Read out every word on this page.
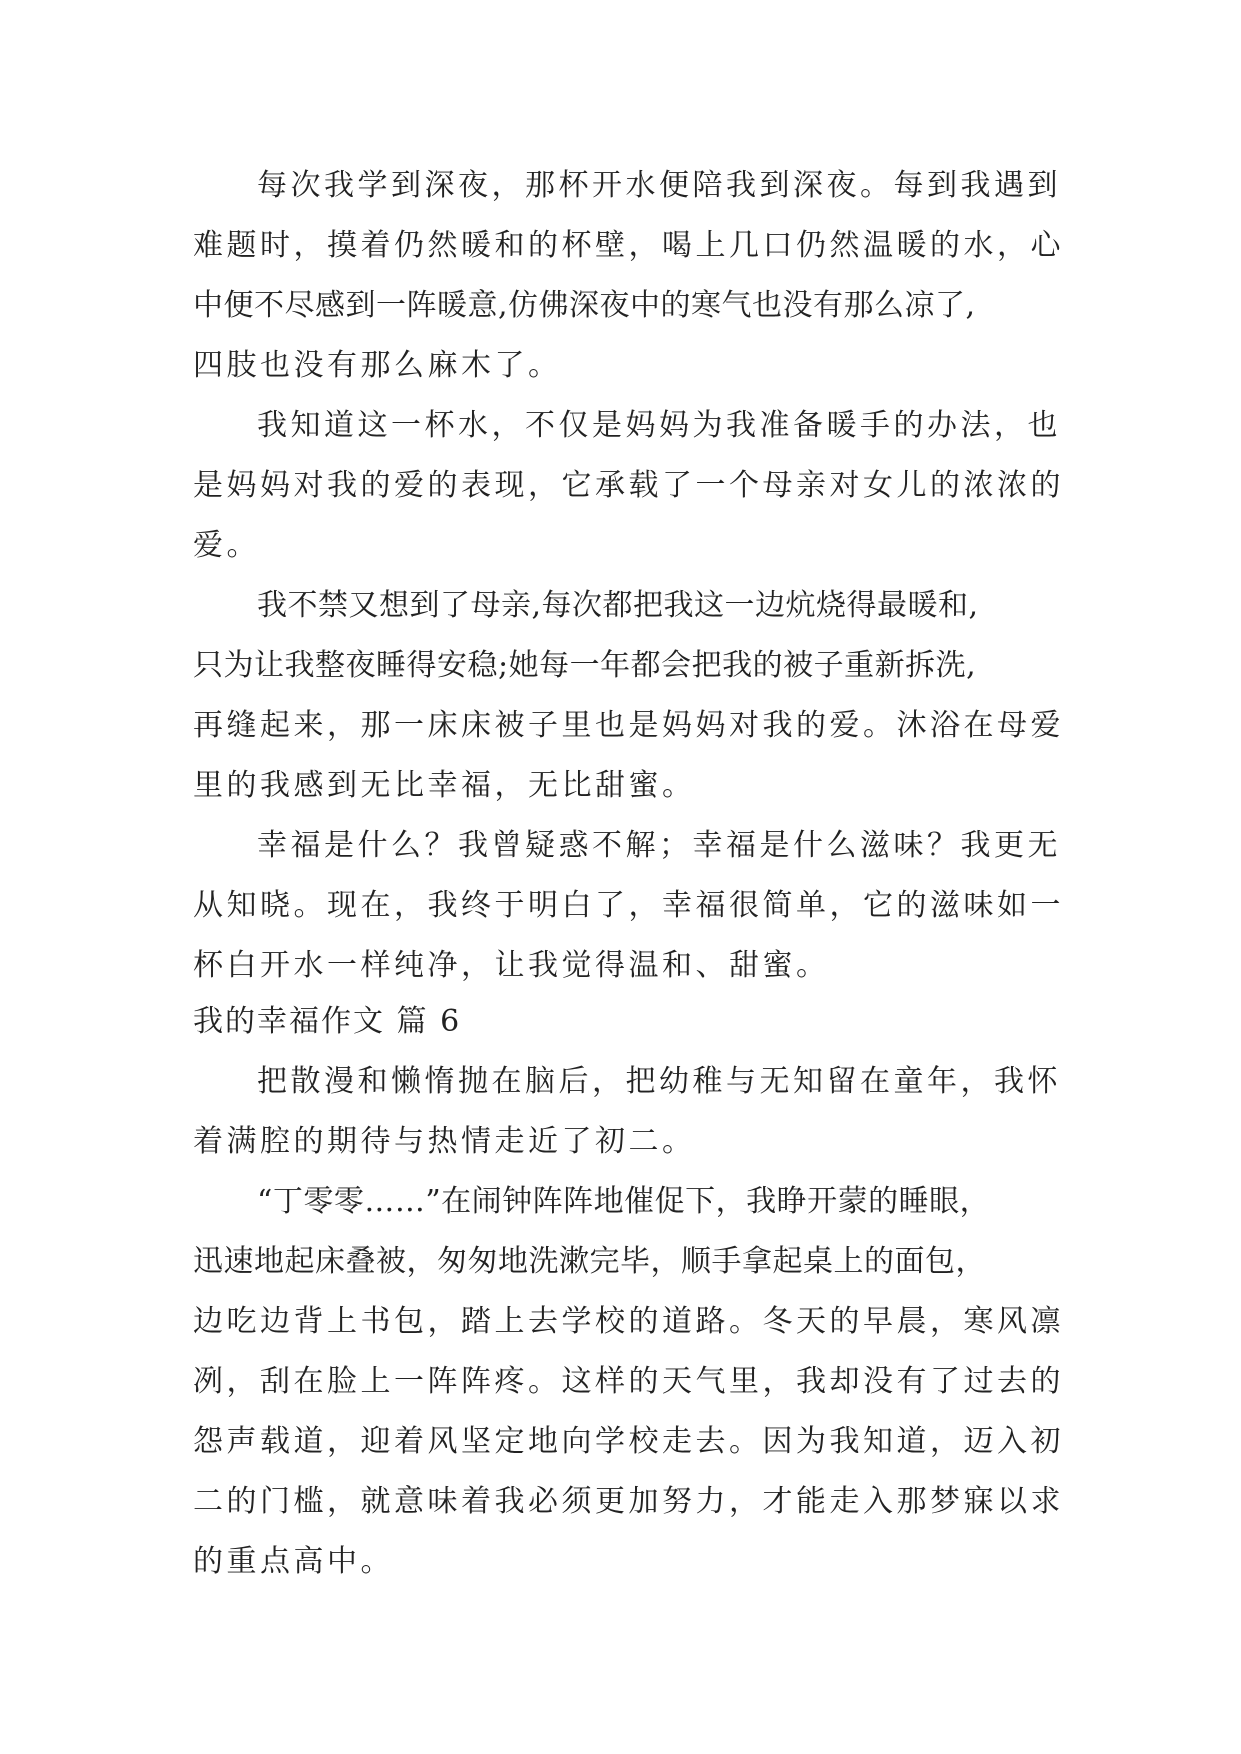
每次我学到深夜，那杯开水便陪我到深夜。每到我遇到
难题时，摸着仍然暖和的杯壁，喝上几口仍然温暖的水，心
中便不尽感到一阵暖意,仿佛深夜中的寒气也没有那么凉了,
四肢也没有那么麻木了。
我知道这一杯水，不仅是妈妈为我准备暖手的办法，也
是妈妈对我的爱的表现，它承载了一个母亲对女儿的浓浓的
爱。
我不禁又想到了母亲,每次都把我这一边炕烧得最暖和,
只为让我整夜睡得安稳;她每一年都会把我的被子重新拆洗,
再缝起来，那一床床被子里也是妈妈对我的爱。沐浴在母爱
里的我感到无比幸福，无比甜蜜。
幸福是什么？我曾疑惑不解；幸福是什么滋味？我更无
从知晓。现在，我终于明白了，幸福很简单，它的滋味如一
杯白开水一样纯净，让我觉得温和、甜蜜。
我的幸福作文 篇 6
把散漫和懒惰抛在脑后，把幼稚与无知留在童年，我怀
着满腔的期待与热情走近了初二。
“丁零零……”在闹钟阵阵地催促下，我睁开蒙的睡眼，
迅速地起床叠被，匆匆地洗漱完毕，顺手拿起桌上的面包，
边吃边背上书包，踏上去学校的道路。冬天的早晨，寒风凛
冽，刮在脸上一阵阵疼。这样的天气里，我却没有了过去的
怨声载道，迎着风坚定地向学校走去。因为我知道，迈入初
二的门槛，就意味着我必须更加努力，才能走入那梦寐以求
的重点高中。
